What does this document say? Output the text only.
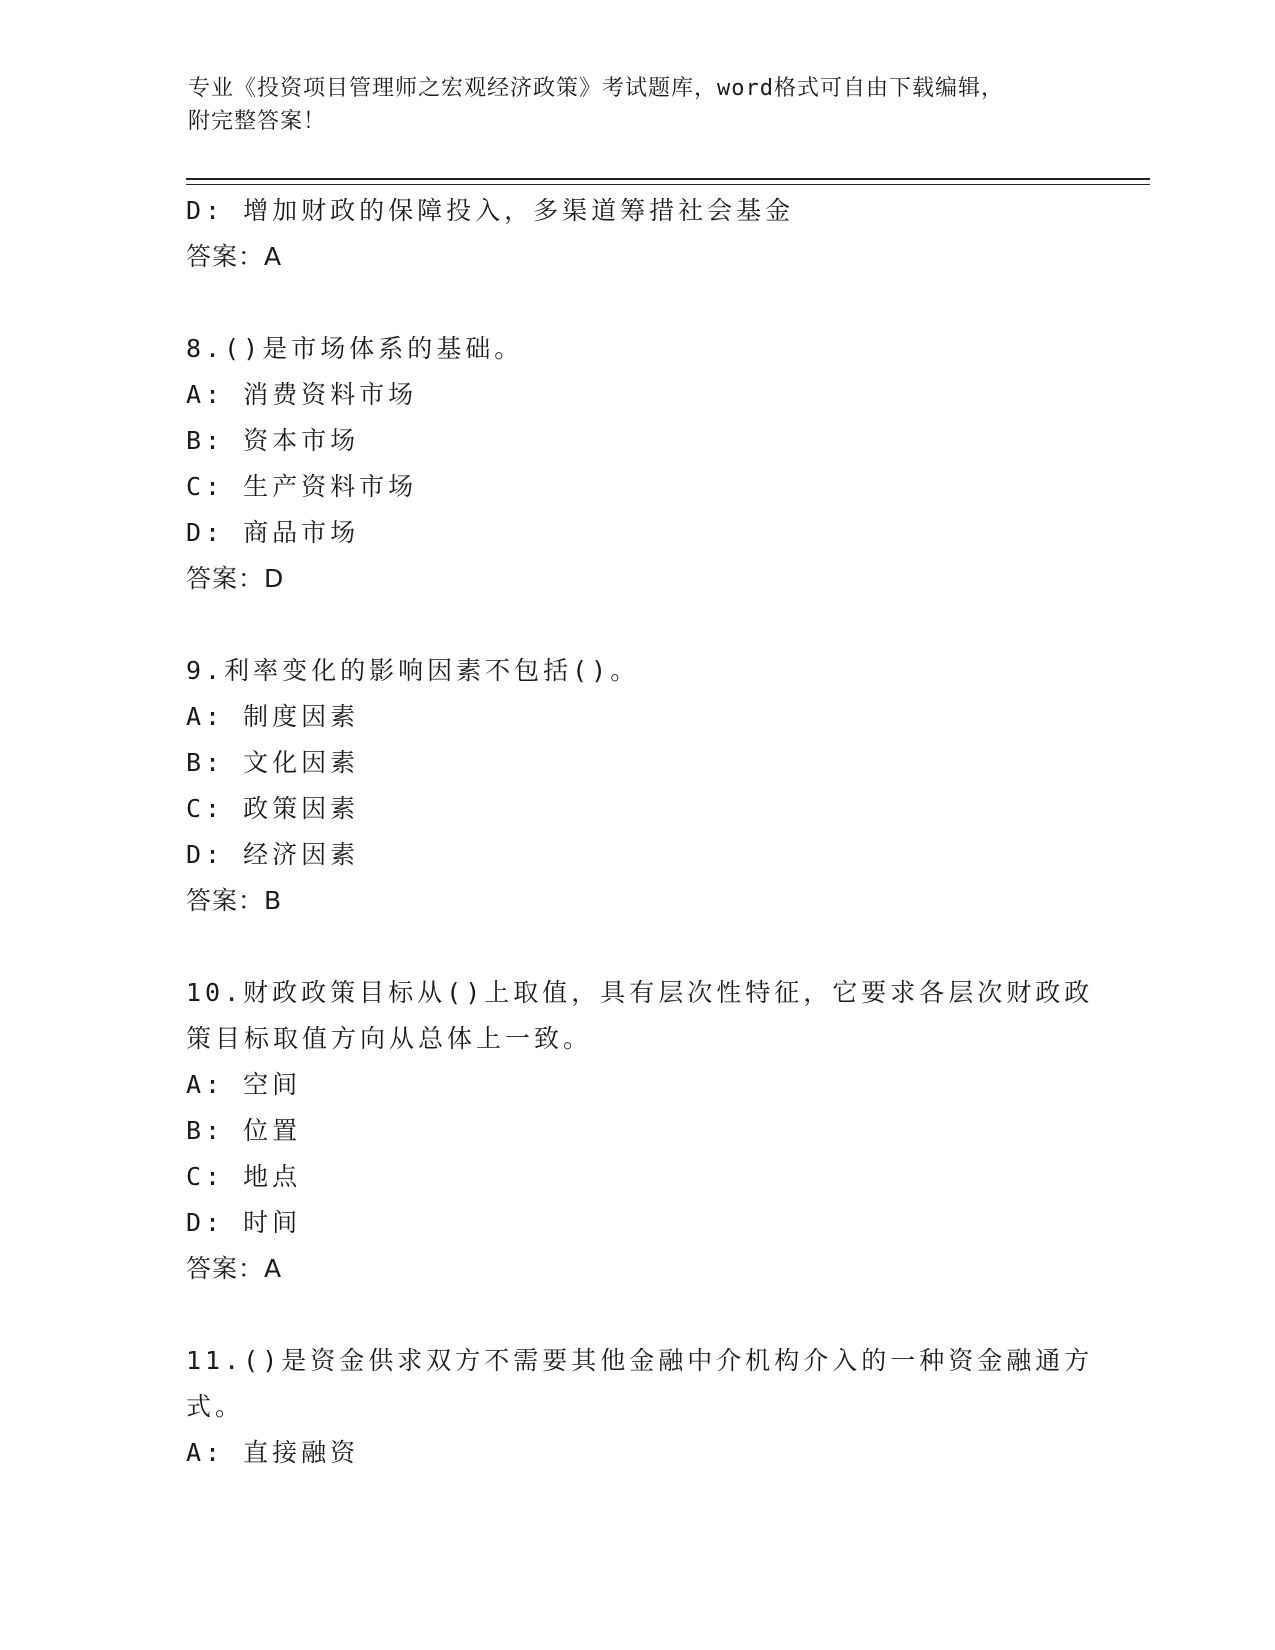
专业《投资项目管理师之宏观经济政策》考试题库，word格式可自由下载编辑，
附完整答案！
D: 增加财政的保障投入，多渠道筹措社会基金
答案：A
8.()是市场体系的基础。
A: 消费资料市场
B: 资本市场
C: 生产资料市场
D: 商品市场
答案：D
9.利率变化的影响因素不包括()。
A: 制度因素
B: 文化因素
C: 政策因素
D: 经济因素
答案：B
10.财政政策目标从()上取值，具有层次性特征，它要求各层次财政政
策目标取值方向从总体上一致。
A: 空间
B: 位置
C: 地点
D: 时间
答案：A
11.()是资金供求双方不需要其他金融中介机构介入的一种资金融通方
式。
A: 直接融资
